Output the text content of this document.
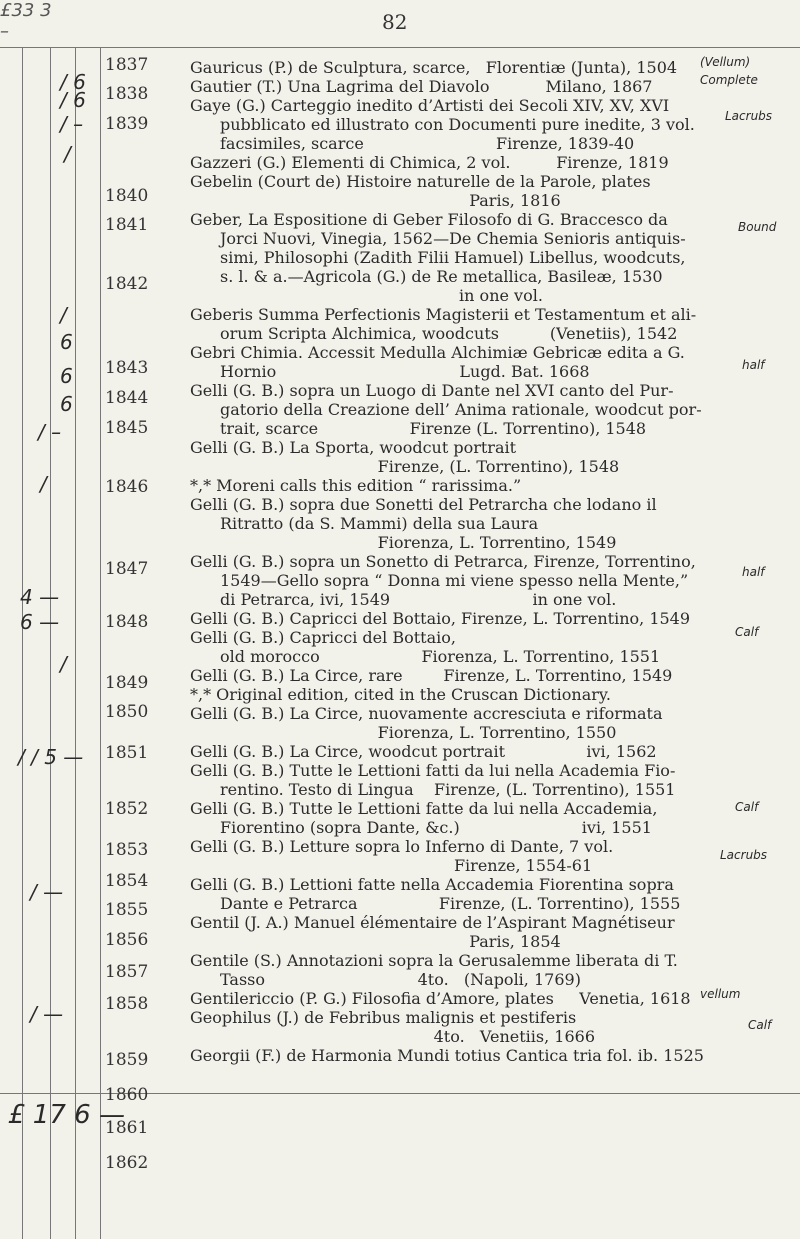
£33 3 –	82
1837
1838
1839
1840
1841
1842
1843
1844
1845
1846
1847
1848
1849
1850
1851
1852
1853
1854
1855
1856
1857
1858
1859
1860
1861
1862
/ 6
/ 6
/ –
/
/
6
6
6
/ –
/
4 —
6 —
/
/ / 5 —
/ —
/ —
£ 17 6 —
(Vellum)
Complete
Lacrubs
Bound
half
half
Calf
Calf
Lacrubs
Calf
vellum
Gauricus (P.) de Sculptura, scarce,   Florentiæ (Junta), 1504
Gautier (T.) Una Lagrima del Diavolo           Milano, 1867
Gaye (G.) Carteggio inedito d’Artisti dei Secoli XIV, XV, XVI
pubblicato ed illustrato con Documenti pure inedite, 3 vol.
facsimiles, scarce                          Firenze, 1839-40
Gazzeri (G.) Elementi di Chimica, 2 vol.         Firenze, 1819
Gebelin (Court de) Histoire naturelle de la Parole, plates
Paris, 1816
Geber, La Espositione di Geber Filosofo di G. Braccesco da
Jorci Nuovi, Vinegia, 1562—De Chemia Senioris antiquis-
simi, Philosophi (Zadith Filii Hamuel) Libellus, woodcuts,
s. l. & a.—Agricola (G.) de Re metallica, Basileæ, 1530
in one vol.
Geberis Summa Perfectionis Magisterii et Testamentum et ali-
orum Scripta Alchimica, woodcuts          (Venetiis), 1542
Gebri Chimia. Accessit Medulla Alchimiæ Gebricæ edita a G.
Hornio                                    Lugd. Bat. 1668
Gelli (G. B.) sopra un Luogo di Dante nel XVI canto del Pur-
gatorio della Creazione dell’ Anima rationale, woodcut por-
trait, scarce                  Firenze (L. Torrentino), 1548
Gelli (G. B.) La Sporta, woodcut portrait
Firenze, (L. Torrentino), 1548
*,* Moreni calls this edition “ rarissima.”
Gelli (G. B.) sopra due Sonetti del Petrarcha che lodano il
Ritratto (da S. Mammi) della sua Laura
Fiorenza, L. Torrentino, 1549
Gelli (G. B.) sopra un Sonetto di Petrarca, Firenze, Torrentino,
1549—Gello sopra “ Donna mi viene spesso nella Mente,”
di Petrarca, ivi, 1549                            in one vol.
Gelli (G. B.) Capricci del Bottaio, Firenze, L. Torrentino, 1549
Gelli (G. B.) Capricci del Bottaio,
old morocco                    Fiorenza, L. Torrentino, 1551
Gelli (G. B.) La Circe, rare        Firenze, L. Torrentino, 1549
*,* Original edition, cited in the Cruscan Dictionary.
Gelli (G. B.) La Circe, nuovamente accresciuta e riformata
Fiorenza, L. Torrentino, 1550
Gelli (G. B.) La Circe, woodcut portrait                ivi, 1562
Gelli (G. B.) Tutte le Lettioni fatti da lui nella Academia Fio-
rentino. Testo di Lingua    Firenze, (L. Torrentino), 1551
Gelli (G. B.) Tutte le Lettioni fatte da lui nella Accademia,
Fiorentino (sopra Dante, &c.)                        ivi, 1551
Gelli (G. B.) Letture sopra lo Inferno di Dante, 7 vol.
Firenze, 1554-61
Gelli (G. B.) Lettioni fatte nella Accademia Fiorentina sopra
Dante e Petrarca                Firenze, (L. Torrentino), 1555
Gentil (J. A.) Manuel élémentaire de l’Aspirant Magnétiseur
Paris, 1854
Gentile (S.) Annotazioni sopra la Gerusalemme liberata di T.
Tasso                              4to.   (Napoli, 1769)
Gentilericcio (P. G.) Filosofia d’Amore, plates     Venetia, 1618
Geophilus (J.) de Febribus malignis et pestiferis
4to.   Venetiis, 1666
Georgii (F.) de Harmonia Mundi totius Cantica tria fol. ib. 1525
